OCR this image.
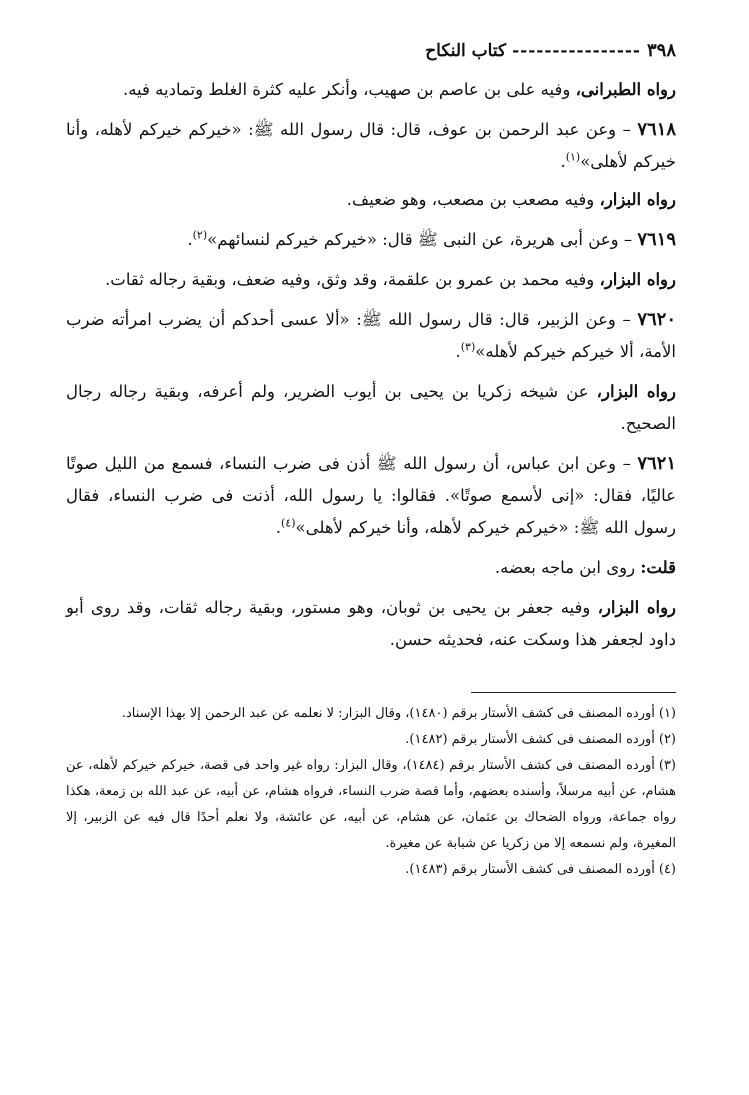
٣٩٨
----------------
كتاب النكاح

رواه الطبرانى، وفيه على بن عاصم بن صهيب، وأنكر عليه كثرة الغلط وتماديه فيه.

٧٦١٨ – وعن عبد الرحمن بن عوف، قال: قال رسول الله ﷺ: «خيركم خيركم لأهله، وأنا خيركم لأهلى»$^{(١)}$.

رواه البزار، وفيه مصعب بن مصعب، وهو ضعيف.

٧٦١٩ – وعن أبى هريرة، عن النبى ﷺ قال: «خيركم خيركم لنسائهم»$^{(٢)}$.

رواه البزار، وفيه محمد بن عمرو بن علقمة، وقد وثق، وفيه ضعف، وبقية رجاله ثقات.

٧٦٢٠ – وعن الزبير، قال: قال رسول الله ﷺ: «ألا عسى أحدكم أن يضرب امرأته ضرب الأمة، ألا خيركم خيركم لأهله»$^{(٣)}$.

رواه البزار، عن شيخه زكريا بن يحيى بن أيوب الضرير، ولم أعرفه، وبقية رجاله رجال الصحيح.

٧٦٢١ – وعن ابن عباس، أن رسول الله ﷺ أذن فى ضرب النساء، فسمع من الليل صوتًا عاليًا، فقال: «إنى لأسمع صوتًا». فقالوا: يا رسول الله، أذنت فى ضرب النساء، فقال رسول الله ﷺ: «خيركم خيركم لأهله، وأنا خيركم لأهلى»$^{(٤)}$.

قلت: روى ابن ماجه بعضه.

رواه البزار، وفيه جعفر بن يحيى بن ثوبان، وهو مستور، وبقية رجاله ثقات، وقد روى أبو داود لجعفر هذا وسكت عنه، فحديثه حسن.

(١)أورده المصنف فى كشف الأستار برقم (١٤٨٠)، وقال البزار: لا نعلمه عن عبد الرحمن إلا بهذا الإسناد.

(٢)أورده المصنف فى كشف الأستار برقم (١٤٨٢).

(٣)أورده المصنف فى كشف الأستار برقم (١٤٨٤)، وقال البزار: رواه غير واحد فى قصة، خيركم خيركم لأهله، عن هشام، عن أبيه مرسلاً، وأسنده بعضهم، وأما قصة ضرب النساء، فرواه هشام، عن أبيه، عن عبد الله بن زمعة، هكذا رواه جماعة، ورواه الضحاك بن عثمان، عن هشام، عن أبيه، عن عائشة، ولا نعلم أحدًا قال فيه عن الزبير، إلا المغيرة، ولم نسمعه إلا من زكريا عن شبابة عن مغيرة.

(٤)أورده المصنف فى كشف الأستار برقم (١٤٨٣).
